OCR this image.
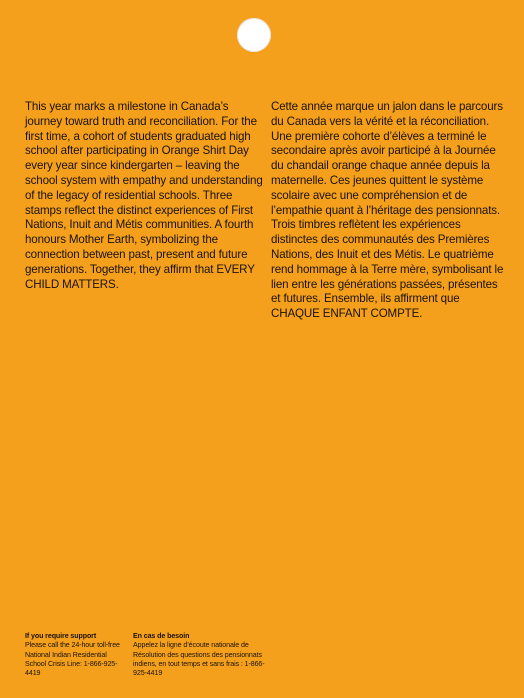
This year marks a milestone in Canada’s journey toward truth and reconciliation. For the first time, a cohort of students graduated high school after participating in Orange Shirt Day every year since kindergarten – leaving the school system with empathy and understanding of the legacy of residential schools. Three stamps reflect the distinct experiences of First Nations, Inuit and Métis communities. A fourth honours Mother Earth, symbolizing the connection between past, present and future generations. Together, they affirm that EVERY CHILD MATTERS.

Cette année marque un jalon dans le parcours du Canada vers la vérité et la réconciliation. Une première cohorte d’élèves a terminé le secondaire après avoir participé à la Journée du chandail orange chaque année depuis la maternelle. Ces jeunes quittent le système scolaire avec une compréhension et de l’empathie quant à l’héritage des pensionnats. Trois timbres reflètent les expériences distinctes des communautés des Premières Nations, des Inuit et des Métis. Le quatrième rend hommage à la Terre mère, symbolisant le lien entre les générations passées, présentes et futures. Ensemble, ils affirment que CHAQUE ENFANT COMPTE.

If you require support
Please call the 24-hour toll-free National Indian Residential School Crisis Line: 1-866-925-4419
En cas de besoin
Appelez la ligne d’écoute nationale de Résolution des questions des pensionnats indiens, en tout temps et sans frais : 1-866-925-4419
